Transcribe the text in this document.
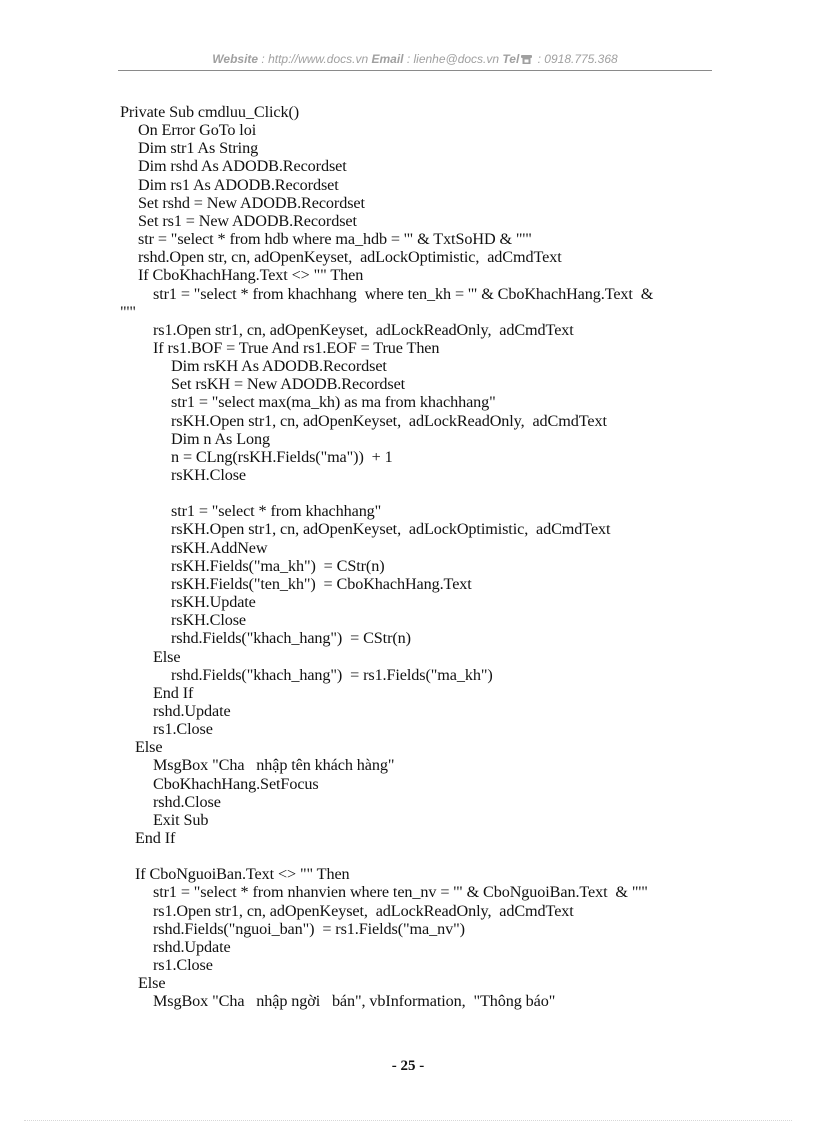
Website : http://www.docs.vn Email : lienhe@docs.vn Tel : 0918.775.368
Private Sub cmdluu_Click()
On Error GoTo loi
Dim str1 As String
Dim rshd As ADODB.Recordset
Dim rs1 As ADODB.Recordset
Set rshd = New ADODB.Recordset
Set rs1 = New ADODB.Recordset
str = "select * from hdb where ma_hdb = '" & TxtSoHD & "'"
rshd.Open str, cn, adOpenKeyset,  adLockOptimistic,  adCmdText
If CboKhachHang.Text <> "" Then
str1 = "select * from khachhang  where ten_kh = '" & CboKhachHang.Text  &
"'"
rs1.Open str1, cn, adOpenKeyset,  adLockReadOnly,  adCmdText
If rs1.BOF = True And rs1.EOF = True Then
Dim rsKH As ADODB.Recordset
Set rsKH = New ADODB.Recordset
str1 = "select max(ma_kh) as ma from khachhang"
rsKH.Open str1, cn, adOpenKeyset,  adLockReadOnly,  adCmdText
Dim n As Long
n = CLng(rsKH.Fields("ma"))  + 1
rsKH.Close
str1 = "select * from khachhang"
rsKH.Open str1, cn, adOpenKeyset,  adLockOptimistic,  adCmdText
rsKH.AddNew
rsKH.Fields("ma_kh")  = CStr(n)
rsKH.Fields("ten_kh")  = CboKhachHang.Text
rsKH.Update
rsKH.Close
rshd.Fields("khach_hang")  = CStr(n)
Else
rshd.Fields("khach_hang")  = rs1.Fields("ma_kh")
End If
rshd.Update
rs1.Close
Else
MsgBox "Cha   nhập tên khách hàng"
CboKhachHang.SetFocus
rshd.Close
Exit Sub
End If
If CboNguoiBan.Text <> "" Then
str1 = "select * from nhanvien where ten_nv = '" & CboNguoiBan.Text  & "'"
rs1.Open str1, cn, adOpenKeyset,  adLockReadOnly,  adCmdText
rshd.Fields("nguoi_ban")  = rs1.Fields("ma_nv")
rshd.Update
rs1.Close
Else
MsgBox "Cha   nhập ngời   bán", vbInformation,  "Thông báo"
- 25 -
